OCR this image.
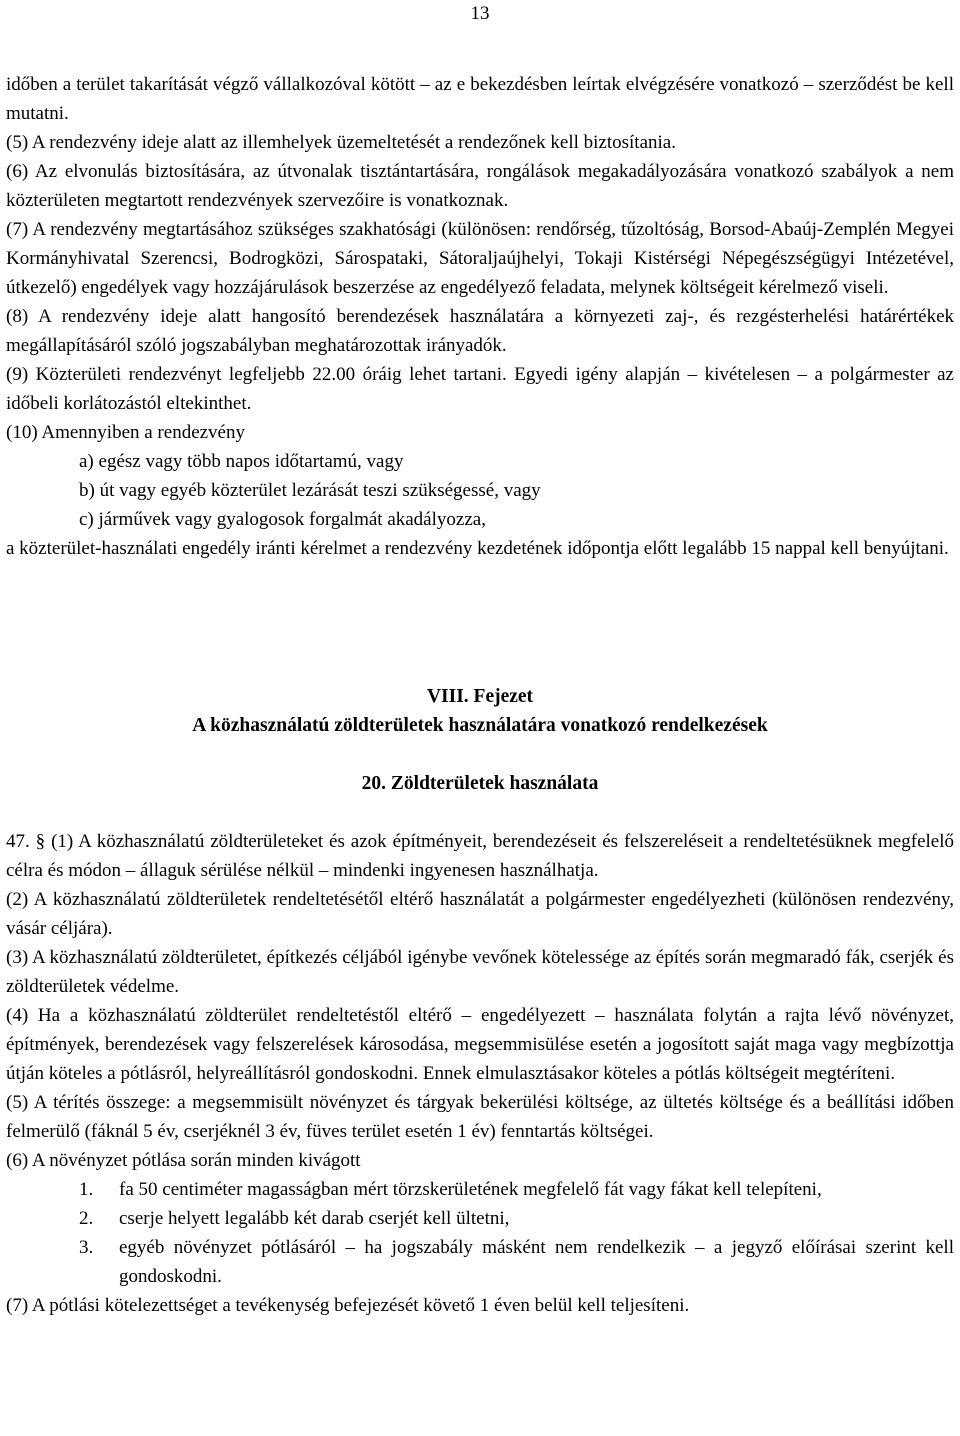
13

időben a terület takarítását végző vállalkozóval kötött – az e bekezdésben leírtak elvégzésére vonatkozó – szerződést be kell mutatni.

(5) A rendezvény ideje alatt az illemhelyek üzemeltetését a rendezőnek kell biztosítania.

(6) Az elvonulás biztosítására, az útvonalak tisztántartására, rongálások megakadályozására vonatkozó szabályok a nem közterületen megtartott rendezvények szervezőire is vonatkoznak.

(7) A rendezvény megtartásához szükséges szakhatósági (különösen: rendőrség, tűzoltóság, Borsod-Abaúj-Zemplén Megyei Kormányhivatal Szerencsi, Bodrogközi, Sárospataki, Sátoraljaújhelyi, Tokaji Kistérségi Népegészségügyi Intézetével, útkezelő) engedélyek vagy hozzájárulások beszerzése az engedélyező feladata, melynek költségeit kérelmező viseli.

(8) A rendezvény ideje alatt hangosító berendezések használatára a környezeti zaj-, és rezgésterhelési határértékek megállapításáról szóló jogszabályban meghatározottak irányadók.

(9) Közterületi rendezvényt legfeljebb 22.00 óráig lehet tartani. Egyedi igény alapján – kivételesen – a polgármester az időbeli korlátozástól eltekinthet.

(10) Amennyiben a rendezvény

a) egész vagy több napos időtartamú, vagy

b) út vagy egyéb közterület lezárását teszi szükségessé, vagy

c) járművek vagy gyalogosok forgalmát akadályozza,

a közterület-használati engedély iránti kérelmet a rendezvény kezdetének időpontja előtt legalább 15 nappal kell benyújtani.

VIII. Fejezet
A közhasználatú zöldterületek használatára vonatkozó rendelkezések
20. Zöldterületek használata

47. § (1) A közhasználatú zöldterületeket és azok építményeit, berendezéseit és felszereléseit a rendeltetésüknek megfelelő célra és módon – állaguk sérülése nélkül – mindenki ingyenesen használhatja.

(2) A közhasználatú zöldterületek rendeltetésétől eltérő használatát a polgármester engedélyezheti (különösen rendezvény, vásár céljára).

(3) A közhasználatú zöldterületet, építkezés céljából igénybe vevőnek kötelessége az építés során megmaradó fák, cserjék és zöldterületek védelme.

(4) Ha a közhasználatú zöldterület rendeltetéstől eltérő – engedélyezett – használata folytán a rajta lévő növényzet, építmények, berendezések vagy felszerelések károsodása, megsemmisülése esetén a jogosított saját maga vagy megbízottja útján köteles a pótlásról, helyreállításról gondoskodni. Ennek elmulasztásakor köteles a pótlás költségeit megtéríteni.

(5) A térítés összege: a megsemmisült növényzet és tárgyak bekerülési költsége, az ültetés költsége és a beállítási időben felmerülő (fáknál 5 év, cserjéknél 3 év, füves terület esetén 1 év) fenntartás költségei.

(6) A növényzet pótlása során minden kivágott

1.	fa 50 centiméter magasságban mért törzskerületének megfelelő fát vagy fákat kell telepíteni,
2.	cserje helyett legalább két darab cserjét kell ültetni,
3.	egyéb növényzet pótlásáról – ha jogszabály másként nem rendelkezik – a jegyző előírásai szerint kell gondoskodni.

(7) A pótlási kötelezettséget a tevékenység befejezését követő 1 éven belül kell teljesíteni.
